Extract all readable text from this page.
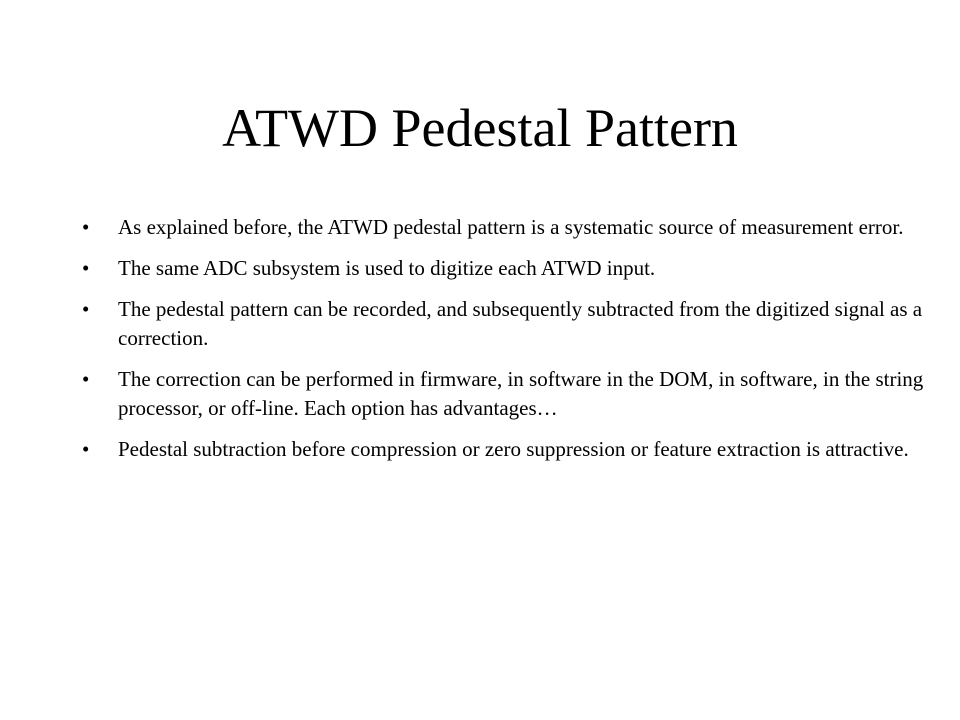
ATWD Pedestal Pattern
• As explained before, the ATWD pedestal pattern is a systematic source of measurement error.
• The same ADC subsystem is used to digitize each ATWD input.
• The pedestal pattern can be recorded, and subsequently subtracted from the digitized signal as a correction.
• The correction can be performed in firmware, in software in the DOM, in software, in the string processor, or off-line. Each option has advantages…
• Pedestal subtraction before compression or zero suppression or feature extraction is attractive.
